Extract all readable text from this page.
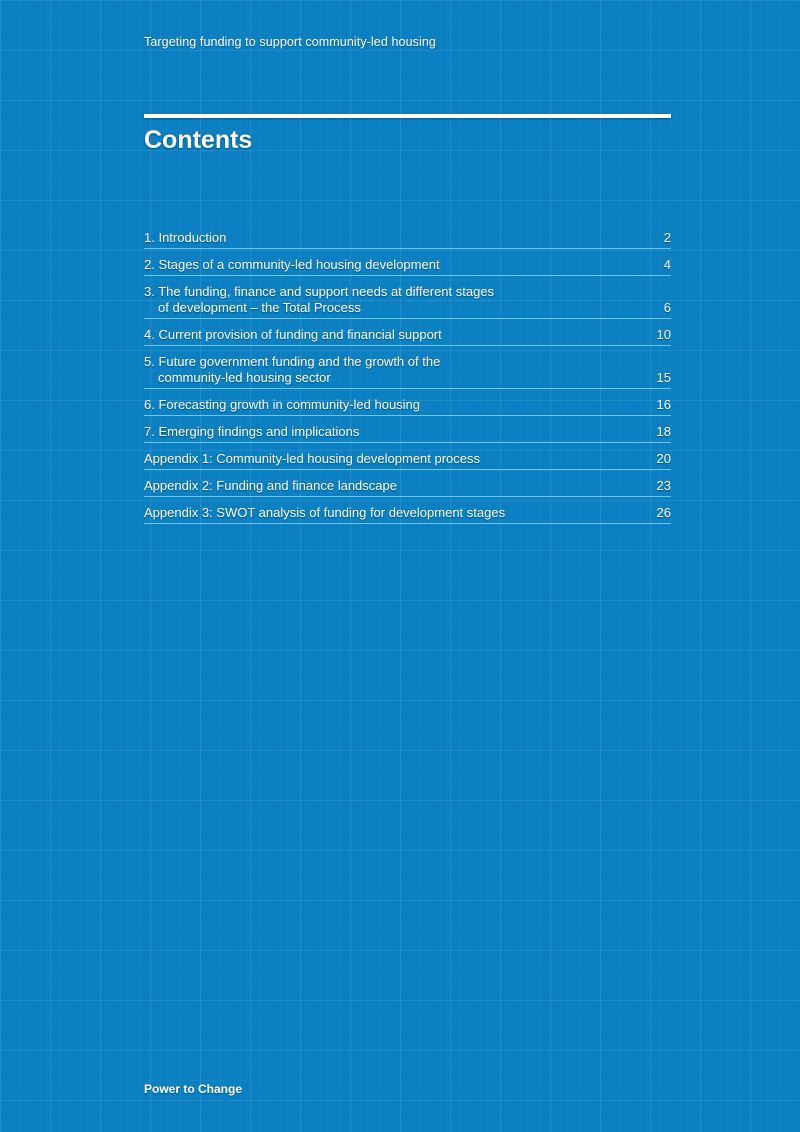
Targeting funding to support community-led housing
Contents
1. Introduction	2
2. Stages of a community-led housing development	4
3. The funding, finance and support needs at different stages
of development – the Total Process	6
4. Current provision of funding and financial support	10
5. Future government funding and the growth of the
community-led housing sector	15
6. Forecasting growth in community-led housing	16
7. Emerging findings and implications	18
Appendix 1: Community-led housing development process	20
Appendix 2: Funding and finance landscape	23
Appendix 3: SWOT analysis of funding for development stages	26
Power to Change
